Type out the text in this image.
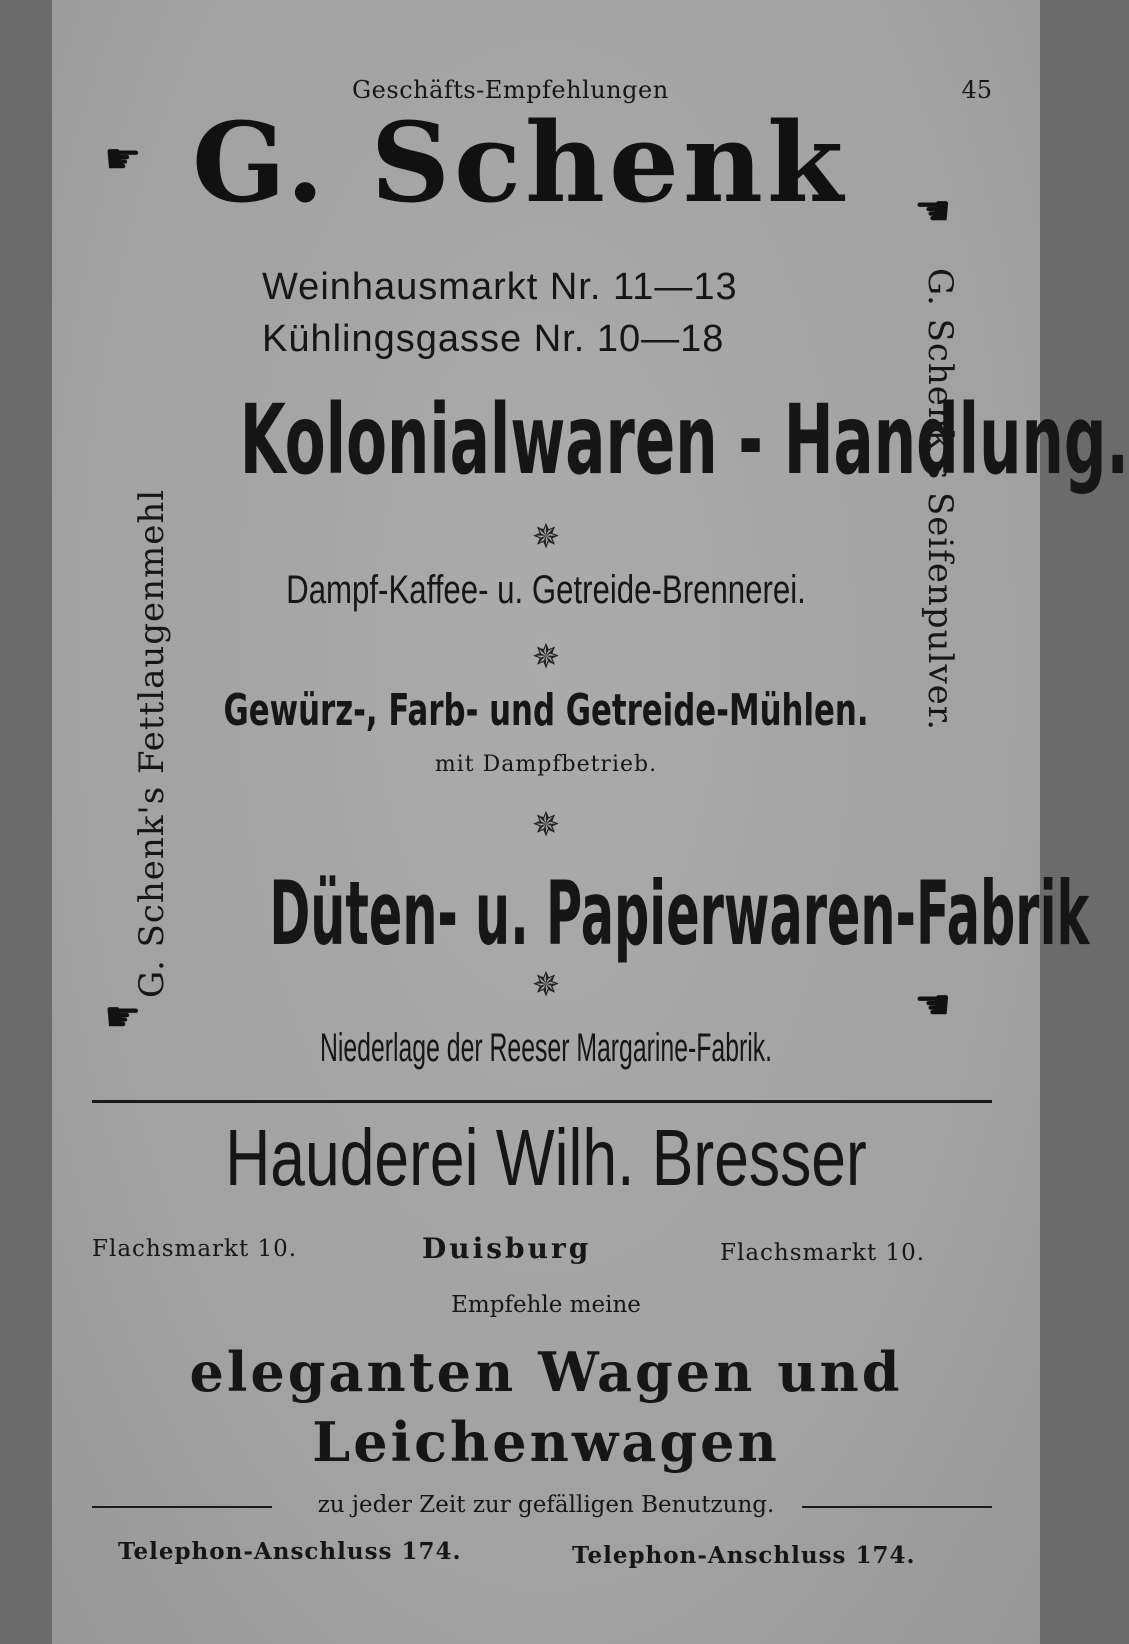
Geschäfts-Empfehlungen	45
☛
☛
☛
☛
G. Schenk's Fettlaugenmehl	G. Schenk's Seifenpulver.
G. Schenk
Weinhausmarkt Nr. 11—13
Kühlingsgasse Nr. 10—18
Kolonialwaren - Handlung.
✵
Dampf-Kaffee- u. Getreide-Brennerei.
✵
Gewürz-, Farb- und Getreide-Mühlen.
mit Dampfbetrieb.
✵
Düten- u. Papierwaren-Fabrik
✵
Niederlage der Reeser Margarine-Fabrik.
Hauderei Wilh. Bresser
Flachsmarkt 10.	Duisburg	Flachsmarkt 10.
Empfehle meine
eleganten Wagen und
Leichenwagen
zu jeder Zeit zur gefälligen Benutzung.
Telephon-Anschluss 174.	Telephon-Anschluss 174.
